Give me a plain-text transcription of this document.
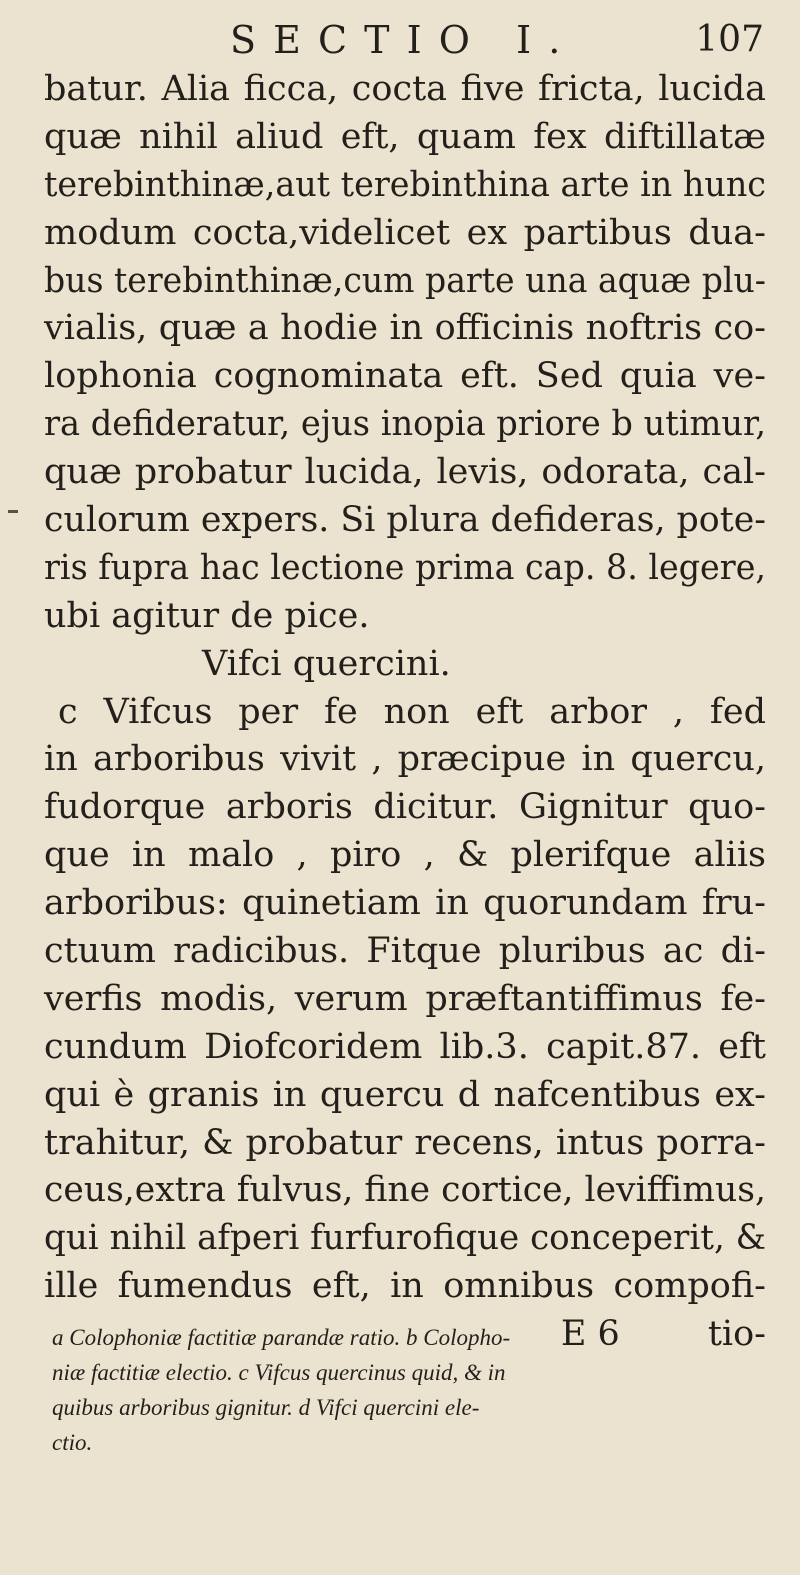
SECTIO I.	107
batur. Alia ficca, cocta five fricta, lucida
quæ nihil aliud eft, quam fex diftillatæ
terebinthinæ,aut terebinthina arte in hunc
modum cocta,videlicet ex partibus dua-
bus terebinthinæ,cum parte una aquæ plu-
vialis, quæ a hodie in officinis noftris co-
lophonia cognominata eft. Sed quia ve-
ra defideratur, ejus inopia priore b utimur,
quæ probatur lucida, levis, odorata, cal-
culorum expers. Si plura defideras, pote-
ris fupra hac lectione prima cap. 8. legere,
ubi agitur de pice.
Vifci quercini.
c Vifcus per fe non eft arbor , fed
in arboribus vivit , præcipue in quercu,
fudorque arboris dicitur. Gignitur quo-
que in malo , piro , & plerifque aliis
arboribus: quinetiam in quorundam fru-
ctuum radicibus. Fitque pluribus ac di-
verfis modis, verum præftantiffimus fe-
cundum Diofcoridem lib.3. capit.87. eft
qui è granis in quercu d nafcentibus ex-
trahitur, & probatur recens, intus porra-
ceus,extra fulvus, fine cortice, leviffimus,
qui nihil afperi furfurofique conceperit, &
ille fumendus eft, in omnibus compofi-
E 6	tio-
a Colophoniæ factitiæ parandæ ratio. b Colopho-
niæ factitiæ electio. c Vifcus quercinus quid, & in
quibus arboribus gignitur. d Vifci quercini ele-
ctio.
